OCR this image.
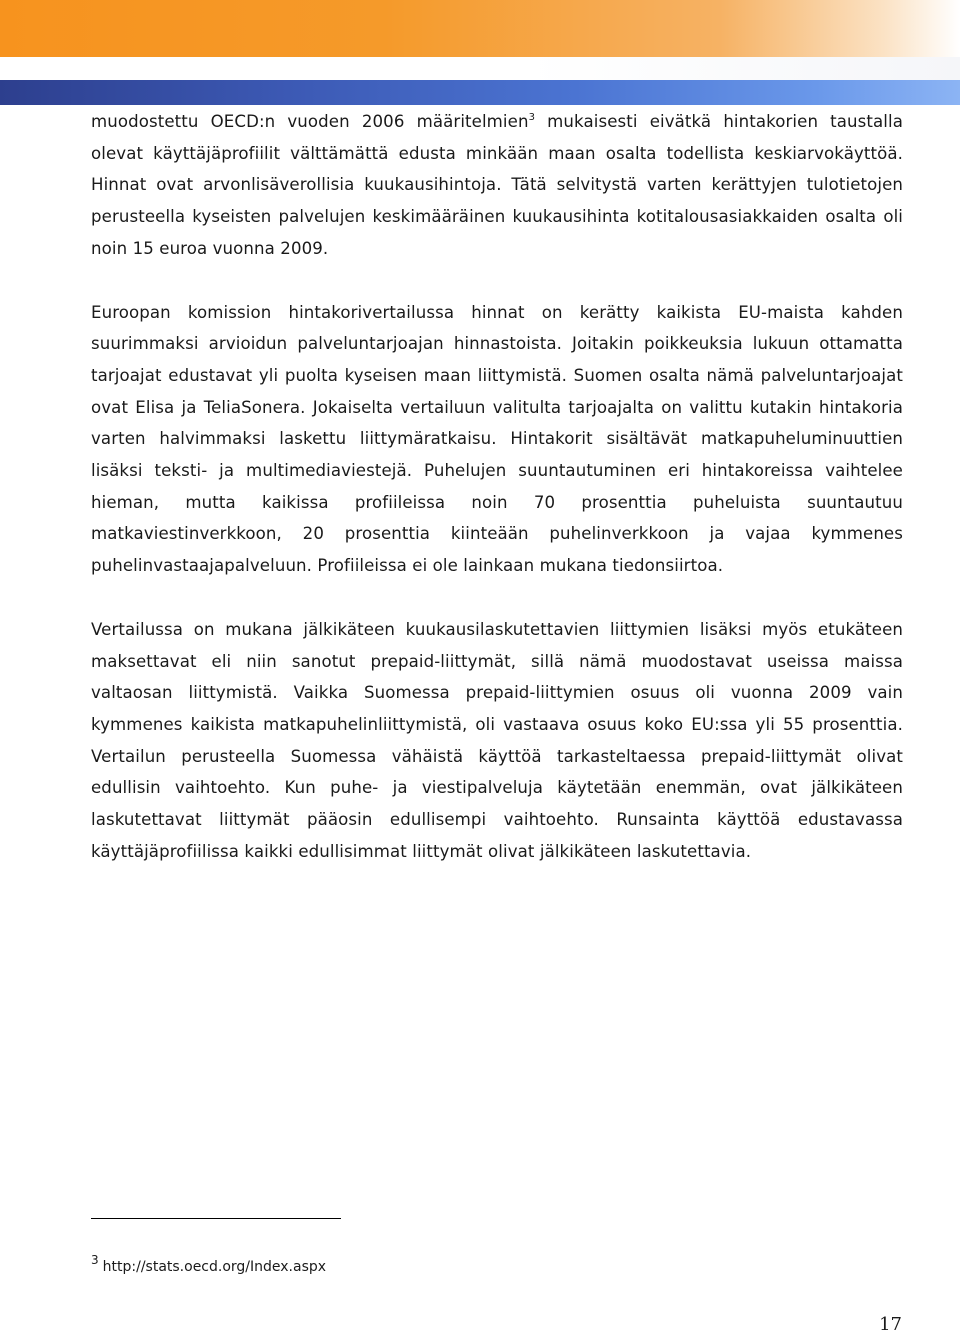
muodostettu OECD:n vuoden 2006 määritelmien$^3$ mukaisesti eivätkä hintakorien taustalla olevat käyttäjäprofiilit välttämättä edusta minkään maan osalta todellista keskiarvokäyttöä. Hinnat ovat arvonlisäverollisia kuukausihintoja. Tätä selvitystä varten kerättyjen tulotietojen perusteella kyseisten palvelujen keskimääräinen kuukausihinta kotitalousasiakkaiden osalta oli noin 15 euroa vuonna 2009.

Euroopan komission hintakorivertailussa hinnat on kerätty kaikista EU-maista kahden suurimmaksi arvioidun palveluntarjoajan hinnastoista. Joitakin poikkeuksia lukuun ottamatta tarjoajat edustavat yli puolta kyseisen maan liittymistä. Suomen osalta nämä palveluntarjoajat ovat Elisa ja TeliaSonera. Jokaiselta vertailuun valitulta tarjoajalta on valittu kutakin hintakoria varten halvimmaksi laskettu liittymäratkaisu. Hintakorit sisältävät matkapuheluminuuttien lisäksi teksti- ja multimediaviestejä. Puhelujen suuntautuminen eri hintakoreissa vaihtelee hieman, mutta kaikissa profiileissa noin 70 prosenttia puheluista suuntautuu matkaviestinverkkoon, 20 prosenttia kiinteään puhelinverkkoon ja vajaa kymmenes puhelinvastaajapalveluun. Profiileissa ei ole lainkaan mukana tiedonsiirtoa.

Vertailussa on mukana jälkikäteen kuukausilaskutettavien liittymien lisäksi myös etukäteen maksettavat eli niin sanotut prepaid-liittymät, sillä nämä muodostavat useissa maissa valtaosan liittymistä. Vaikka Suomessa prepaid-liittymien osuus oli vuonna 2009 vain kymmenes kaikista matkapuhelinliittymistä, oli vastaava osuus koko EU:ssa yli 55 prosenttia. Vertailun perusteella Suomessa vähäistä käyttöä tarkasteltaessa prepaid-liittymät olivat edullisin vaihtoehto. Kun puhe- ja viestipalveluja käytetään enemmän, ovat jälkikäteen laskutettavat liittymät pääosin edullisempi vaihtoehto. Runsainta käyttöä edustavassa käyttäjäprofiilissa kaikki edullisimmat liittymät olivat jälkikäteen laskutettavia.

3 http://stats.oecd.org/Index.aspx
17
